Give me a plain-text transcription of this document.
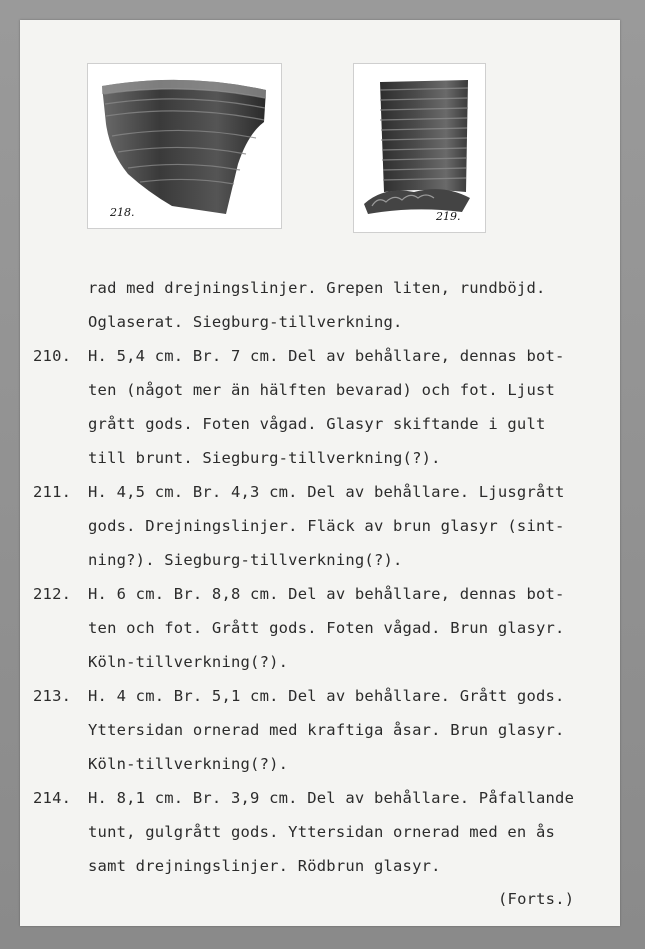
218.	219.
rad med drejningslinjer. Grepen liten, rundböjd.
Oglaserat. Siegburg-tillverkning.
210. H. 5,4 cm. Br. 7 cm. Del av behållare, dennas bot-
ten (något mer än hälften bevarad) och fot. Ljust
grått gods. Foten vågad. Glasyr skiftande i gult
till brunt. Siegburg-tillverkning(?).
211. H. 4,5 cm. Br. 4,3 cm. Del av behållare. Ljusgrått
gods. Drejningslinjer. Fläck av brun glasyr (sint-
ning?). Siegburg-tillverkning(?).
212. H. 6 cm. Br. 8,8 cm. Del av behållare, dennas bot-
ten och fot. Grått gods. Foten vågad. Brun glasyr.
Köln-tillverkning(?).
213. H. 4 cm. Br. 5,1 cm. Del av behållare. Grått gods.
Yttersidan ornerad med kraftiga åsar. Brun glasyr.
Köln-tillverkning(?).
214. H. 8,1 cm. Br. 3,9 cm. Del av behållare. Påfallande
tunt, gulgrått gods. Yttersidan ornerad med en ås
samt drejningslinjer. Rödbrun glasyr.
(Forts.)
